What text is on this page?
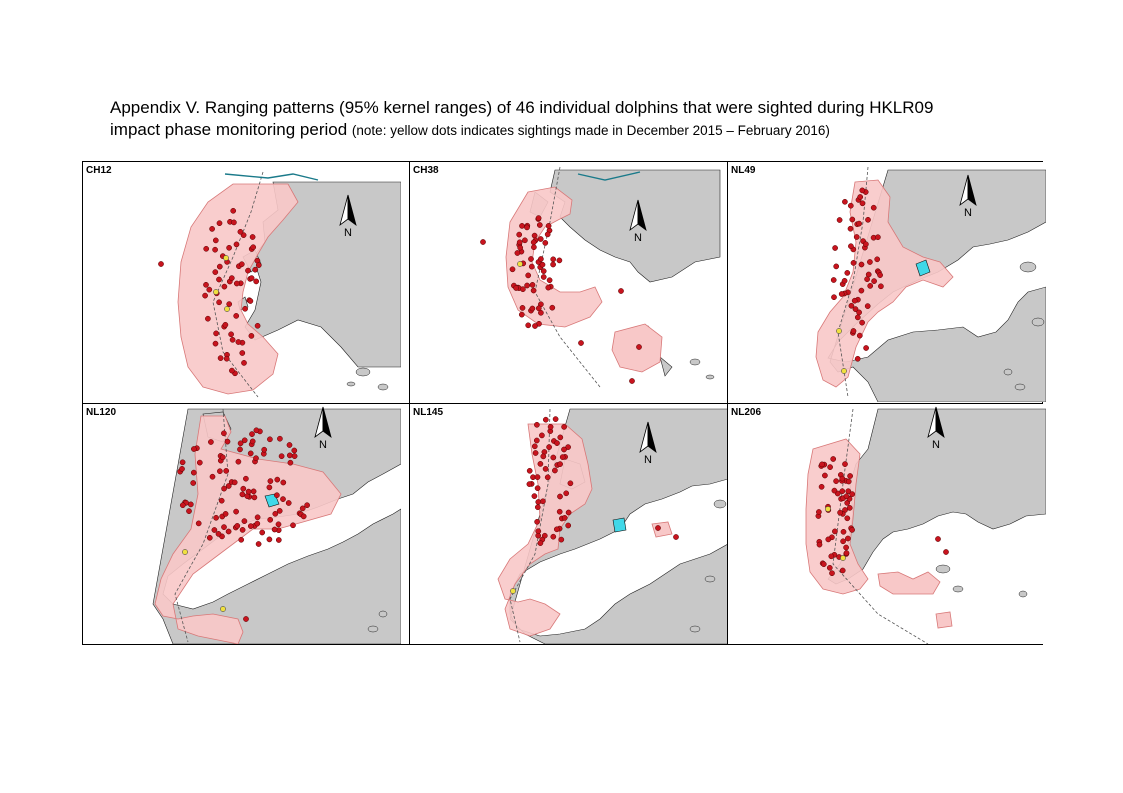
Appendix V. Ranging patterns (95% kernel ranges) of 46 individual dolphins that were sighted during HKLR09
impact phase monitoring period (note: yellow dots indicates sightings made in December 2015 – February 2016)
N
CH12
N
CH38
N
NL49
N
NL120
N
NL145
N
NL206
